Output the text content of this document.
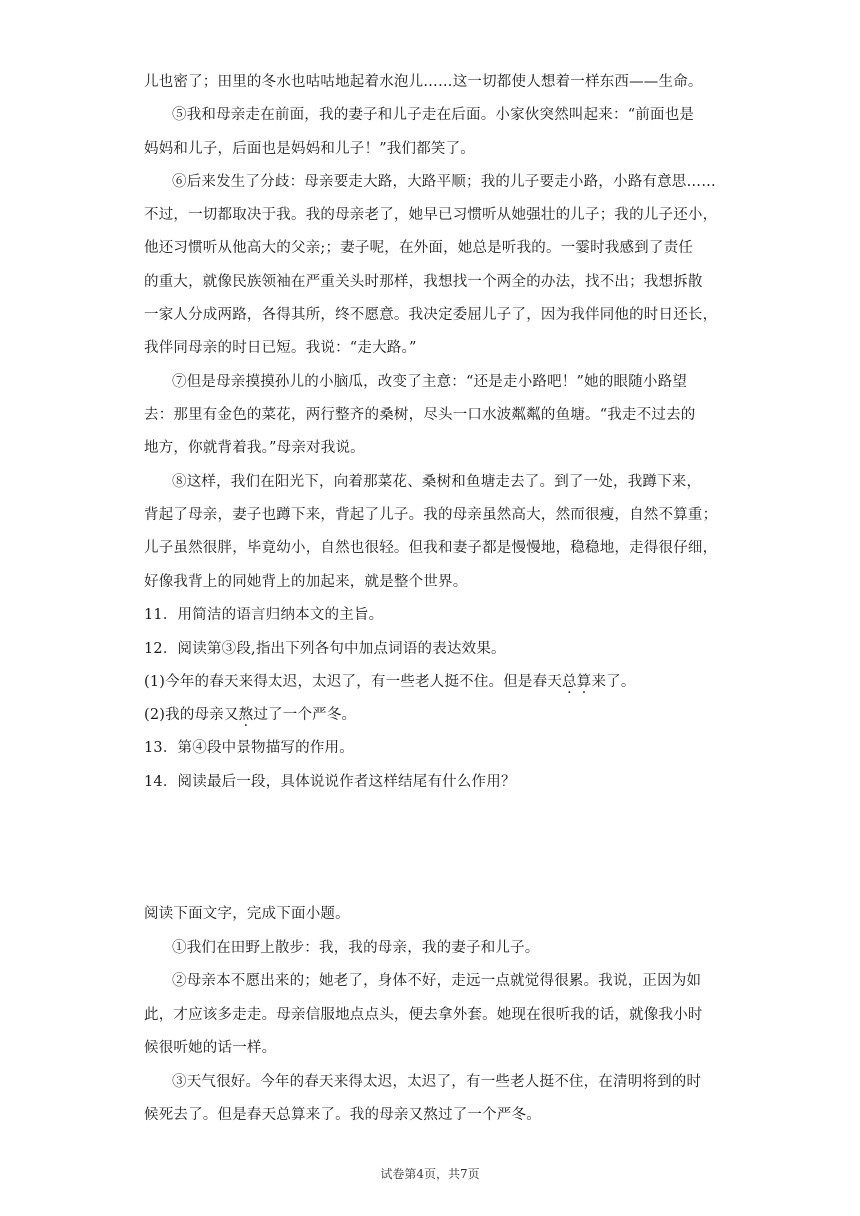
儿也密了；田里的冬水也咕咕地起着水泡儿……这一切都使人想着一样东西——生命。
⑤我和母亲走在前面，我的妻子和儿子走在后面。小家伙突然叫起来：“前面也是
妈妈和儿子，后面也是妈妈和儿子！”我们都笑了。
⑥后来发生了分歧：母亲要走大路，大路平顺；我的儿子要走小路，小路有意思……
不过，一切都取决于我。我的母亲老了，她早已习惯听从她强壮的儿子；我的儿子还小，
他还习惯听从他高大的父亲;；妻子呢，在外面，她总是听我的。一霎时我感到了责任
的重大，就像民族领袖在严重关头时那样，我想找一个两全的办法，找不出；我想拆散
一家人分成两路，各得其所，终不愿意。我决定委屈儿子了，因为我伴同他的时日还长，
我伴同母亲的时日已短。我说：“走大路。”
⑦但是母亲摸摸孙儿的小脑瓜，改变了主意：“还是走小路吧！”她的眼随小路望
去：那里有金色的菜花，两行整齐的桑树，尽头一口水波粼粼的鱼塘。“我走不过去的
地方，你就背着我。”母亲对我说。
⑧这样，我们在阳光下，向着那菜花、桑树和鱼塘走去了。到了一处，我蹲下来，
背起了母亲，妻子也蹲下来，背起了儿子。我的母亲虽然高大，然而很瘦，自然不算重；
儿子虽然很胖，毕竟幼小，自然也很轻。但我和妻子都是慢慢地，稳稳地，走得很仔细，
好像我背上的同她背上的加起来，就是整个世界。
11．用简洁的语言归纳本文的主旨。
12．阅读第③段,指出下列各句中加点词语的表达效果。
(1)今年的春天来得太迟，太迟了，有一些老人挺不住。但是春天总算来了。
(2)我的母亲又熬过了一个严冬。
13．第④段中景物描写的作用。
14．阅读最后一段，具体说说作者这样结尾有什么作用？
阅读下面文字，完成下面小题。
①我们在田野上散步：我，我的母亲，我的妻子和儿子。
②母亲本不愿出来的；她老了，身体不好，走远一点就觉得很累。我说，正因为如
此，才应该多走走。母亲信服地点点头，便去拿外套。她现在很听我的话，就像我小时
候很听她的话一样。
③天气很好。今年的春天来得太迟，太迟了，有一些老人挺不住，在清明将到的时
候死去了。但是春天总算来了。我的母亲又熬过了一个严冬。
试卷第4页，共7页
